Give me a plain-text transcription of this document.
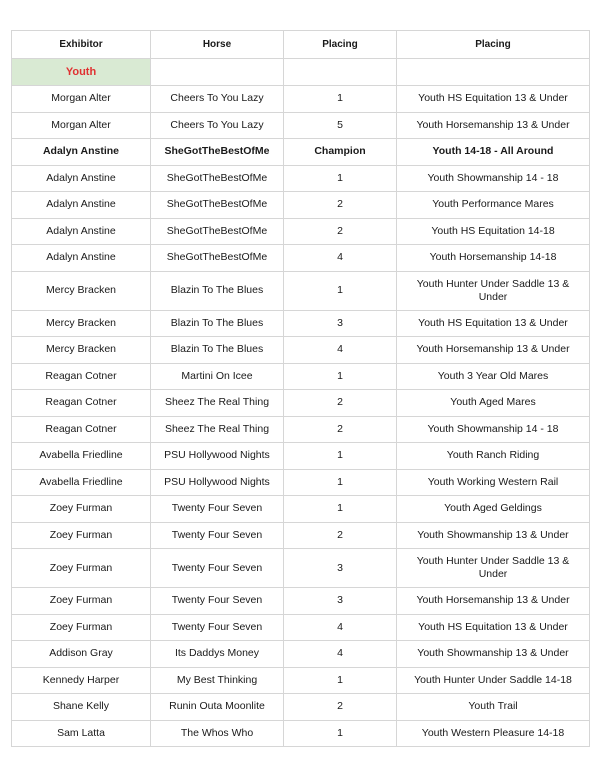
Exhibitor	Horse	Placing	Placing
Youth			
Morgan Alter	Cheers To You Lazy	1	Youth HS Equitation 13 & Under
Morgan Alter	Cheers To You Lazy	5	Youth Horsemanship 13 & Under
Adalyn Anstine	SheGotTheBestOfMe	Champion	Youth 14-18 - All Around
Adalyn Anstine	SheGotTheBestOfMe	1	Youth Showmanship 14 - 18
Adalyn Anstine	SheGotTheBestOfMe	2	Youth Performance Mares
Adalyn Anstine	SheGotTheBestOfMe	2	Youth HS Equitation 14-18
Adalyn Anstine	SheGotTheBestOfMe	4	Youth Horsemanship 14-18
Mercy Bracken	Blazin To The Blues	1	Youth Hunter Under Saddle 13 & Under
Mercy Bracken	Blazin To The Blues	3	Youth HS Equitation 13 & Under
Mercy Bracken	Blazin To The Blues	4	Youth Horsemanship 13 & Under
Reagan Cotner	Martini On Icee	1	Youth 3 Year Old Mares
Reagan Cotner	Sheez The Real Thing	2	Youth Aged Mares
Reagan Cotner	Sheez The Real Thing	2	Youth Showmanship 14 - 18
Avabella Friedline	PSU Hollywood Nights	1	Youth Ranch Riding
Avabella Friedline	PSU Hollywood Nights	1	Youth Working Western Rail
Zoey Furman	Twenty Four Seven	1	Youth Aged Geldings
Zoey Furman	Twenty Four Seven	2	Youth Showmanship 13 & Under
Zoey Furman	Twenty Four Seven	3	Youth Hunter Under Saddle 13 & Under
Zoey Furman	Twenty Four Seven	3	Youth Horsemanship 13 & Under
Zoey Furman	Twenty Four Seven	4	Youth HS Equitation 13 & Under
Addison Gray	Its Daddys Money	4	Youth Showmanship 13 & Under
Kennedy Harper	My Best Thinking	1	Youth Hunter Under Saddle 14-18
Shane Kelly	Runin Outa Moonlite	2	Youth Trail
Sam Latta	The Whos Who	1	Youth Western Pleasure 14-18
